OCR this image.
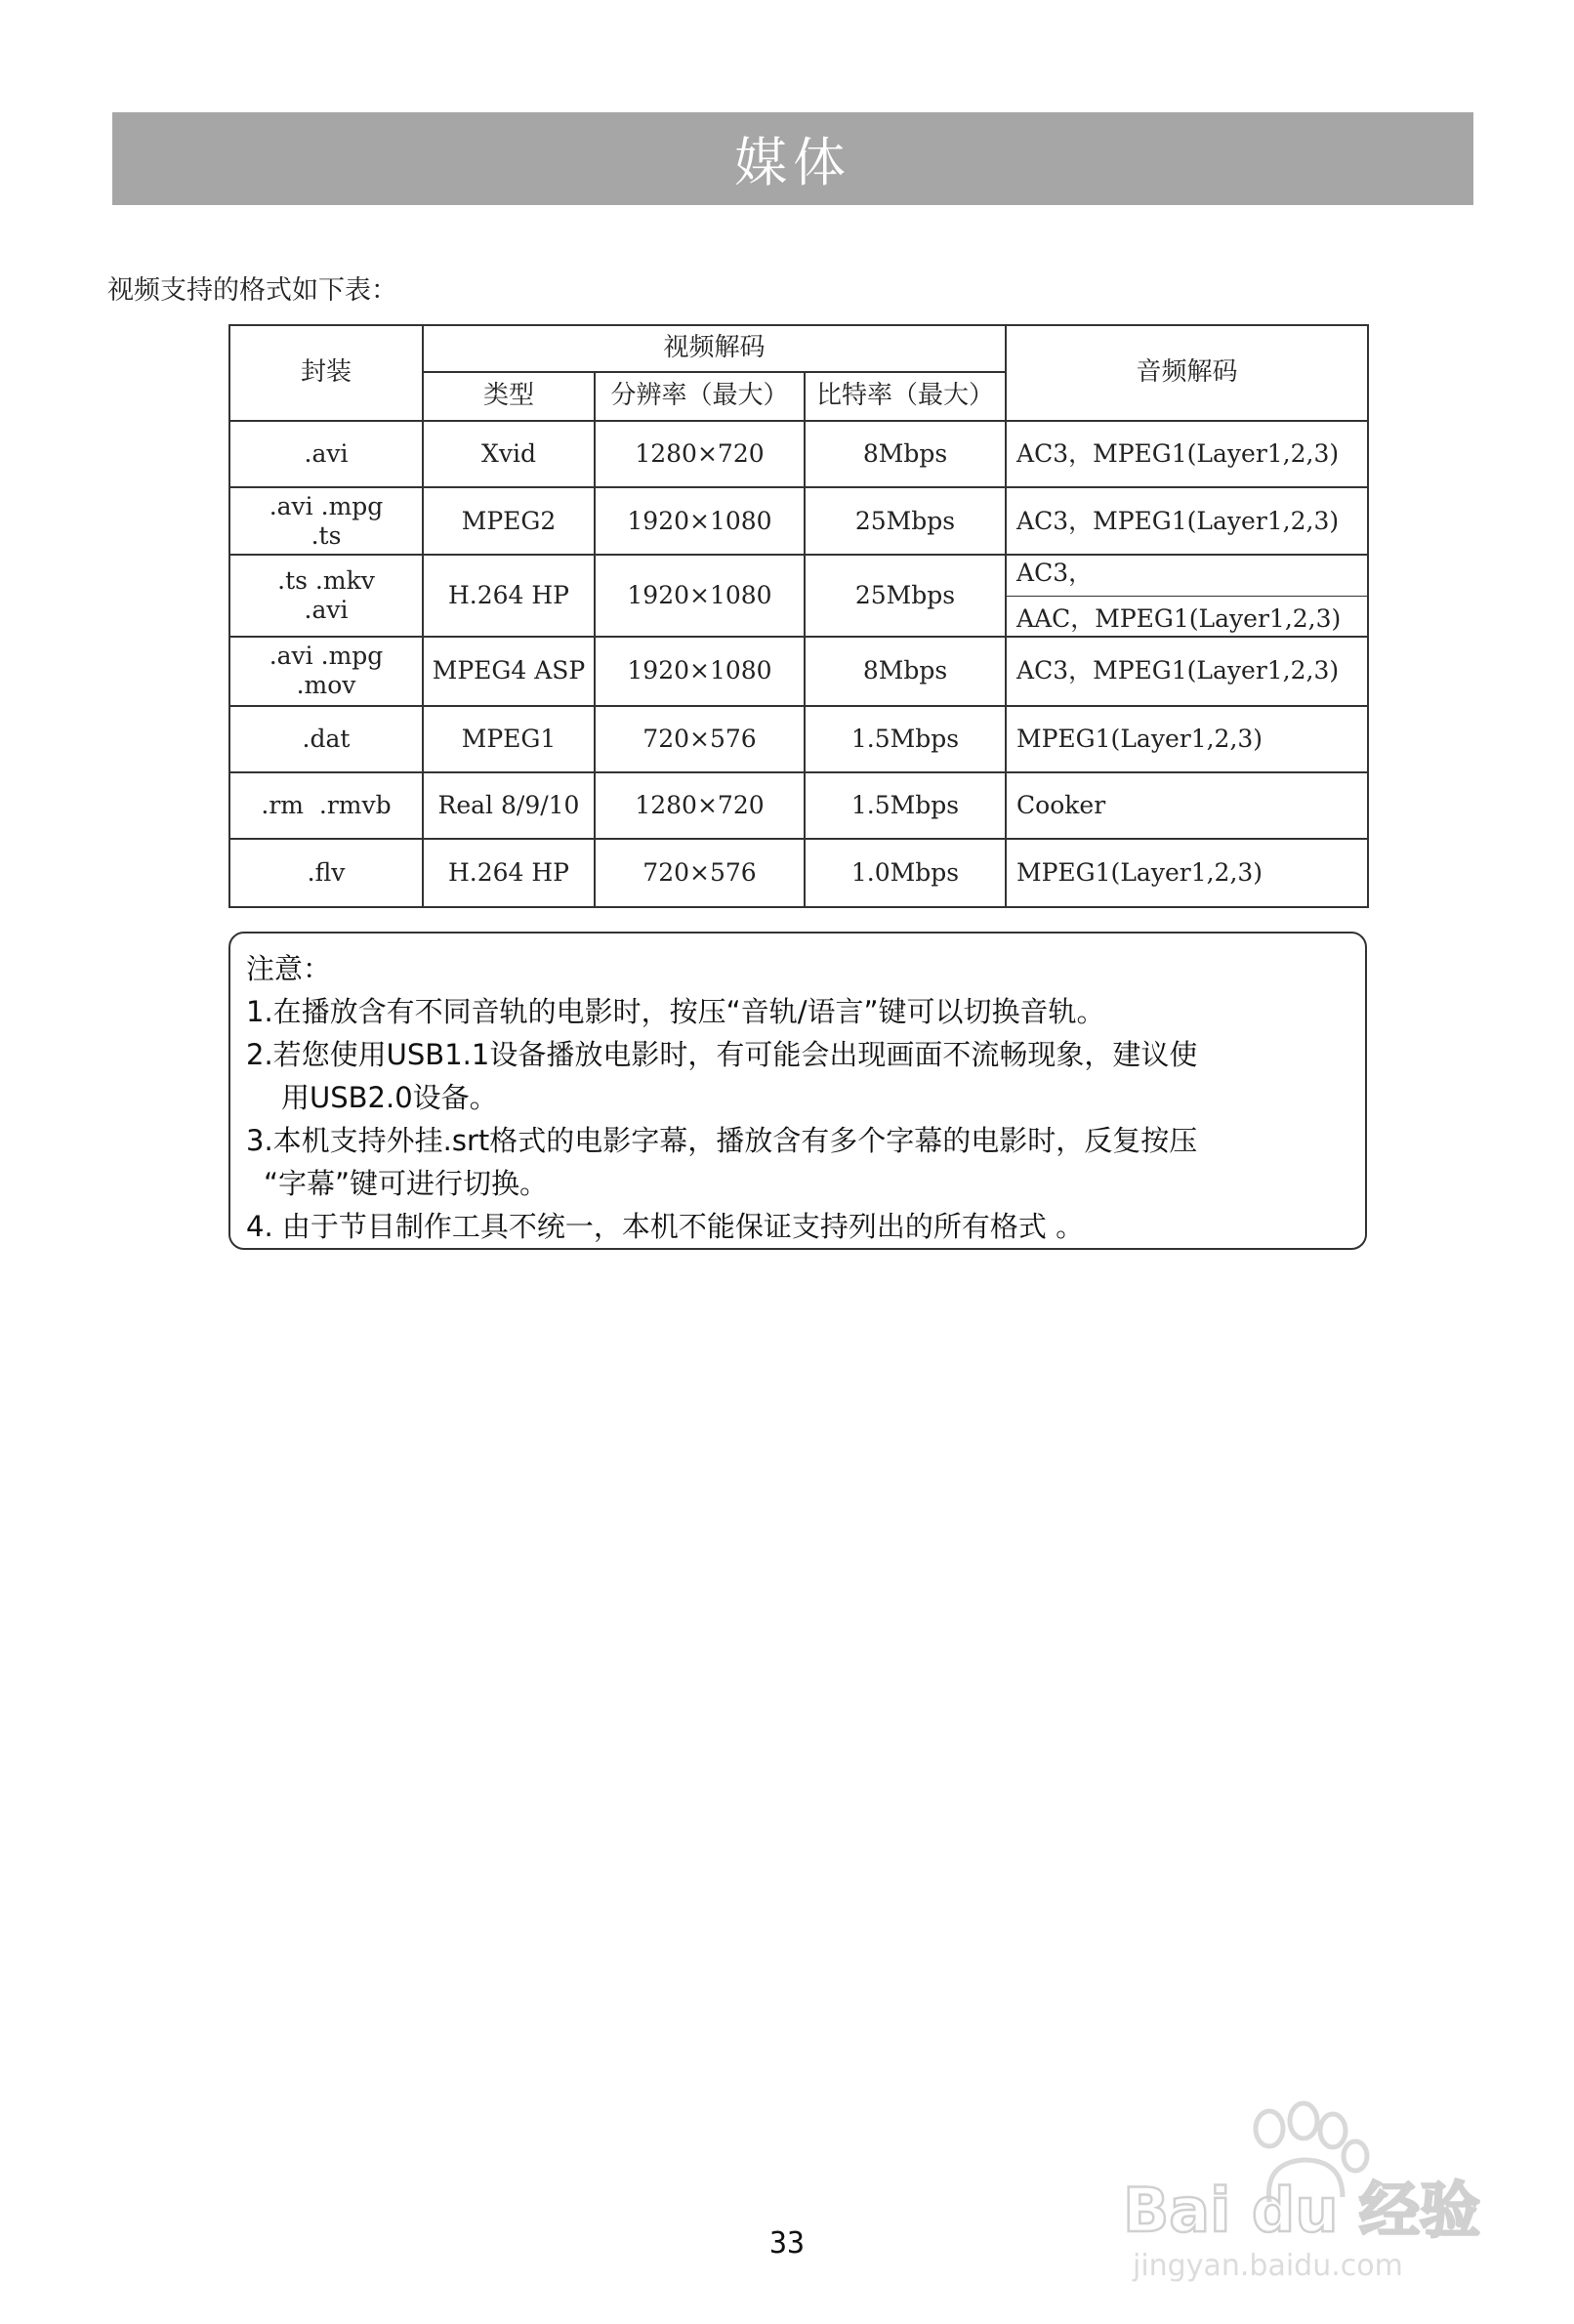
媒体
视频支持的格式如下表：
封装	视频解码			音频解码
	类型	分辨率（最大）	比特率（最大）	

.avi	Xvid	1280×720	8Mbps	AC3，MPEG1(Layer1,2,3)

.avi .mpg
.ts	MPEG2	1920×1080	25Mbps	AC3，MPEG1(Layer1,2,3)

.ts .mkv
.avi	H.264 HP	1920×1080	25Mbps	AC3，
AAC，MPEG1(Layer1,2,3)

.avi .mpg
.mov	MPEG4 ASP	1920×1080	8Mbps	AC3，MPEG1(Layer1,2,3)

.dat	MPEG1	720×576	1.5Mbps	MPEG1(Layer1,2,3)

.rm  .rmvb	Real 8/9/10	1280×720	1.5Mbps	Cooker

.flv	H.264 HP	720×576	1.0Mbps	MPEG1(Layer1,2,3)
注意：
1.在播放含有不同音轨的电影时，按压“音轨/语言”键可以切换音轨。
2.若您使用USB1.1设备播放电影时，有可能会出现画面不流畅现象，建议使
用USB2.0设备。
3.本机支持外挂.srt格式的电影字幕，播放含有多个字幕的电影时，反复按压
“字幕”键可进行切换。
4. 由于节目制作工具不统一，本机不能保证支持列出的所有格式 。
33	Bai du 经验
jingyan.baidu.com
